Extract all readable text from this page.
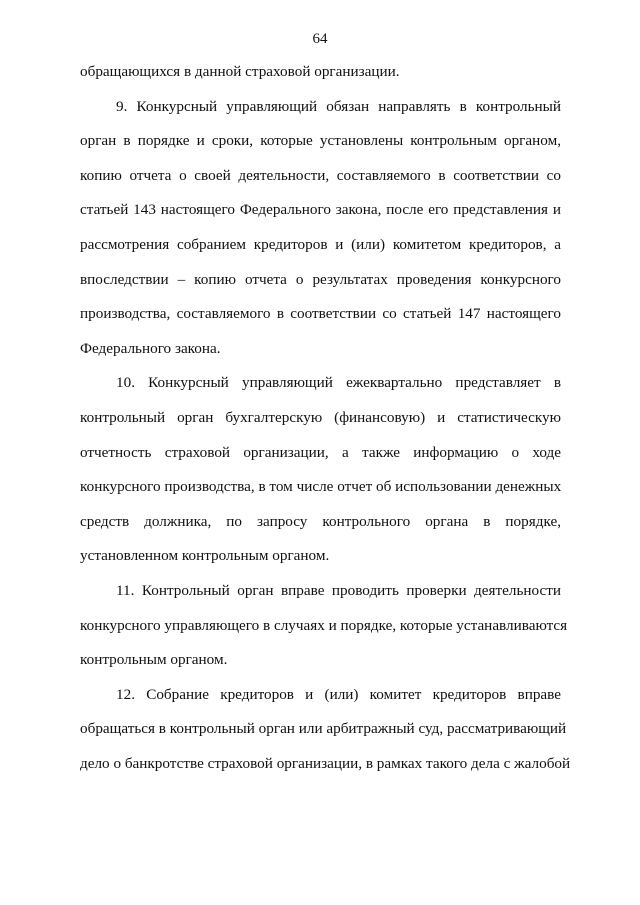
64
обращающихся в данной страховой организации.
9. Конкурсный управляющий обязан направлять в контрольный
орган в порядке и сроки, которые установлены контрольным органом,
копию отчета о своей деятельности, составляемого в соответствии со
статьей 143 настоящего Федерального закона, после его представления и
рассмотрения собранием кредиторов и (или) комитетом кредиторов, а
впоследствии – копию отчета о результатах проведения конкурсного
производства, составляемого в соответствии со статьей 147 настоящего
Федерального закона.
10. Конкурсный управляющий ежеквартально представляет в
контрольный орган бухгалтерскую (финансовую) и статистическую
отчетность страховой организации, а также информацию о ходе
конкурсного производства, в том числе отчет об использовании денежных
средств должника, по запросу контрольного органа в порядке,
установленном контрольным органом.
11. Контрольный орган вправе проводить проверки деятельности
конкурсного управляющего в случаях и порядке, которые устанавливаются
контрольным органом.
12. Собрание кредиторов и (или) комитет кредиторов вправе
обращаться в контрольный орган или арбитражный суд, рассматривающий
дело о банкротстве страховой организации, в рамках такого дела с жалобой
